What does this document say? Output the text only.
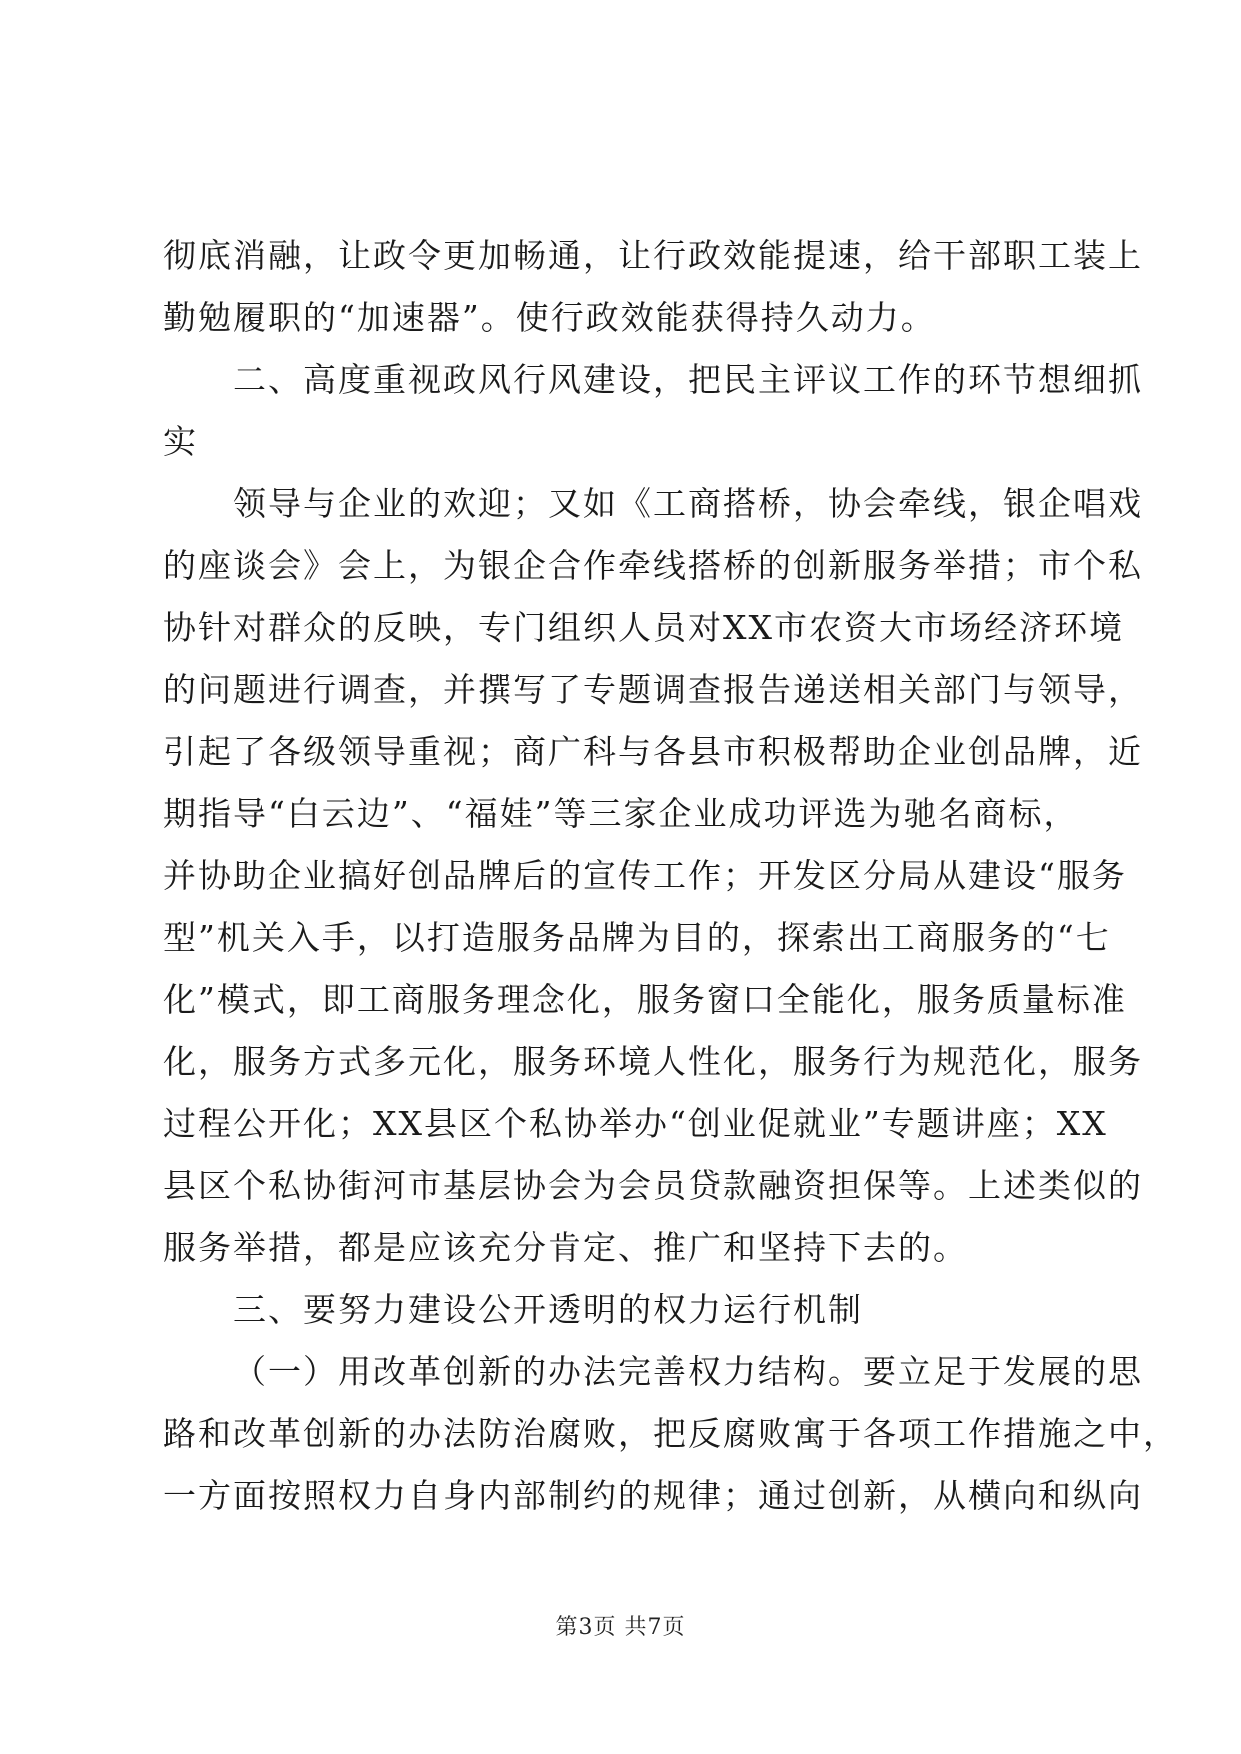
彻底消融，让政令更加畅通，让行政效能提速，给干部职工装上
勤勉履职的“加速器”。使行政效能获得持久动力。
二、高度重视政风行风建设，把民主评议工作的环节想细抓
实
领导与企业的欢迎；又如《工商搭桥，协会牵线，银企唱戏
的座谈会》会上，为银企合作牵线搭桥的创新服务举措；市个私
协针对群众的反映，专门组织人员对XX市农资大市场经济环境
的问题进行调查，并撰写了专题调查报告递送相关部门与领导，
引起了各级领导重视；商广科与各县市积极帮助企业创品牌，近
期指导“白云边”、“福娃”等三家企业成功评选为驰名商标，
并协助企业搞好创品牌后的宣传工作；开发区分局从建设“服务
型”机关入手，以打造服务品牌为目的，探索出工商服务的“七
化”模式，即工商服务理念化，服务窗口全能化，服务质量标准
化，服务方式多元化，服务环境人性化，服务行为规范化，服务
过程公开化；XX县区个私协举办“创业促就业”专题讲座；XX
县区个私协街河市基层协会为会员贷款融资担保等。上述类似的
服务举措，都是应该充分肯定、推广和坚持下去的。
三、要努力建设公开透明的权力运行机制
（一）用改革创新的办法完善权力结构。要立足于发展的思
路和改革创新的办法防治腐败，把反腐败寓于各项工作措施之中，
一方面按照权力自身内部制约的规律；通过创新，从横向和纵向
第3页 共7页
